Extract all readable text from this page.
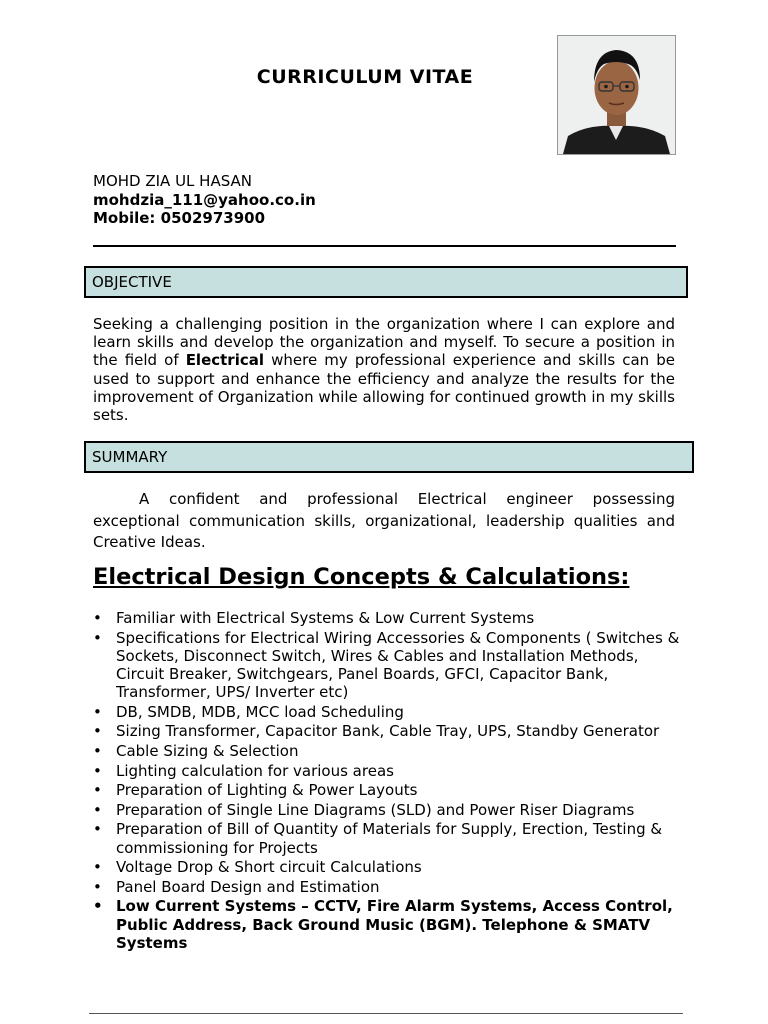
CURRICULUM VITAE
MOHD ZIA UL HASAN
mohdzia_111@yahoo.co.in
Mobile: 0502973900
OBJECTIVE
Seeking a challenging position in the organization where I can explore and learn skills and develop the organization and myself. To secure a position in the field of Electrical where my professional experience and skills can be used to support and enhance the efficiency and analyze the results for the improvement of Organization while allowing for continued growth in my skills sets.
SUMMARY
A confident and professional Electrical engineer possessing exceptional communication skills, organizational, leadership qualities and Creative Ideas.
Electrical Design Concepts & Calculations:
• Familiar with Electrical Systems & Low Current Systems
• Specifications for Electrical Wiring Accessories & Components ( Switches & Sockets, Disconnect Switch, Wires & Cables and Installation Methods, Circuit Breaker, Switchgears, Panel Boards, GFCI, Capacitor Bank, Transformer, UPS/ Inverter etc)
• DB, SMDB, MDB, MCC load Scheduling
• Sizing Transformer, Capacitor Bank, Cable Tray, UPS, Standby Generator
• Cable Sizing & Selection
• Lighting calculation for various areas
• Preparation of Lighting & Power Layouts
• Preparation of Single Line Diagrams (SLD) and Power Riser Diagrams
• Preparation of Bill of Quantity of Materials for Supply, Erection, Testing & commissioning for Projects
• Voltage Drop & Short circuit Calculations
• Panel Board Design and Estimation
• Low Current Systems – CCTV, Fire Alarm Systems, Access Control, Public Address, Back Ground Music (BGM). Telephone & SMATV Systems
